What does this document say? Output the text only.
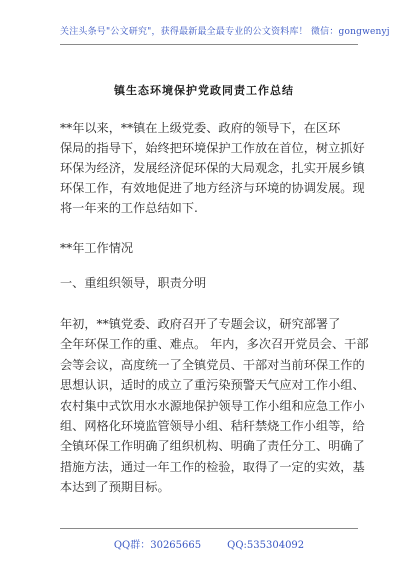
关注头条号"公文研究"，获得最新最全最专业的公文资料库！ 微信：gongwenyj
镇生态环境保护党政同责工作总结
**年以来，**镇在上级党委、政府的领导下，在区环
保局的指导下，始终把环境保护工作放在首位，树立抓好
环保为经济，发展经济促环保的大局观念，扎实开展乡镇
环保工作，有效地促进了地方经济与环境的协调发展。现
将一年来的工作总结如下.
**年工作情况
一、重组织领导，职责分明
年初，**镇党委、政府召开了专题会议，研究部署了
全年环保工作的重、难点。 年内，多次召开党员会、干部
会等会议，高度统一了全镇党员、干部对当前环保工作的
思想认识，适时的成立了重污染预警天气应对工作小组、
农村集中式饮用水水源地保护领导工作小组和应急工作小
组、网格化环境监管领导小组、秸秆禁烧工作小组等，给
全镇环保工作明确了组织机构、明确了责任分工、明确了
措施方法，通过一年工作的检验，取得了一定的实效，基
本达到了预期目标。
QQ群：30265665	QQ:535304092
